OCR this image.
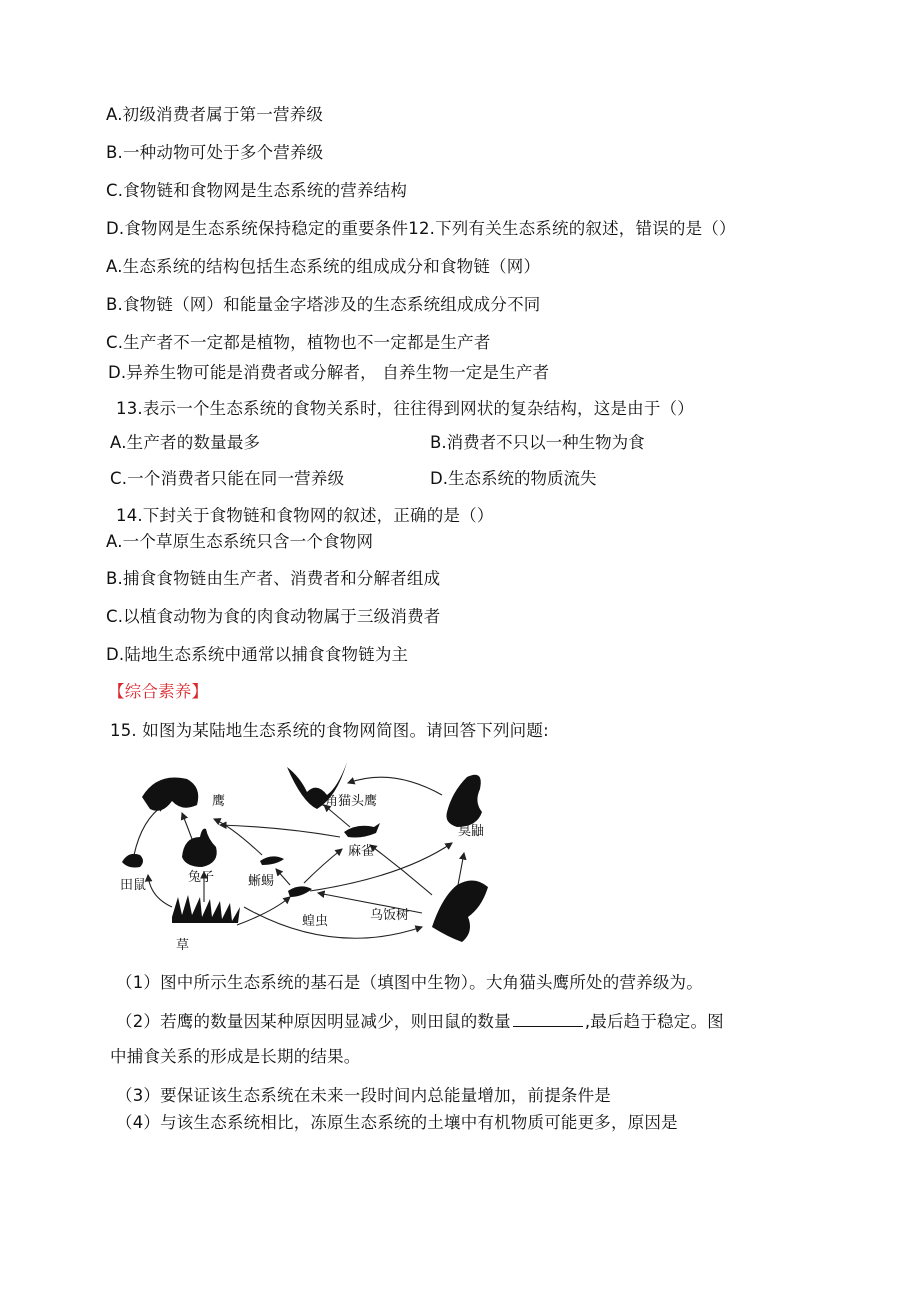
A.初级消费者属于第一营养级
B.一种动物可处于多个营养级
C.食物链和食物网是生态系统的营养结构
D.食物网是生态系统保持稳定的重要条件12.下列有关生态系统的叙述，错误的是（）
A.生态系统的结构包括生态系统的组成成分和食物链（网）
B.食物链（网）和能量金字塔涉及的生态系统组成成分不同
C.生产者不一定都是植物，植物也不一定都是生产者
D.异养生物可能是消费者或分解者， 自养生物一定是生产者
13.表示一个生态系统的食物关系时，往往得到网状的复杂结构，这是由于（）
A.生产者的数量最多	B.消费者不只以一种生物为食
C.一个消费者只能在同一营养级	D.生态系统的物质流失
14.下封关于食物链和食物网的叙述，正确的是（）
A.一个草原生态系统只含一个食物网
B.捕食食物链由生产者、消费者和分解者组成
C.以植食动物为食的肉食动物属于三级消费者
D.陆地生态系统中通常以捕食食物链为主
【综合素养】
15. 如图为某陆地生态系统的食物网简图。请回答下列问题:
鹰	大角猫头鹰
臭鼬
麻雀
兔子	蜥蜴
田鼠
蝗虫	乌饭树
草
（1）图中所示生态系统的基石是（填图中生物）。大角猫头鹰所处的营养级为。
（2）若鹰的数量因某种原因明显减少，则田鼠的数量	,最后趋于稳定。图
中捕食关系的形成是长期的结果。
（3）要保证该生态系统在未来一段时间内总能量增加，前提条件是
（4）与该生态系统相比，冻原生态系统的土壤中有机物质可能更多，原因是
